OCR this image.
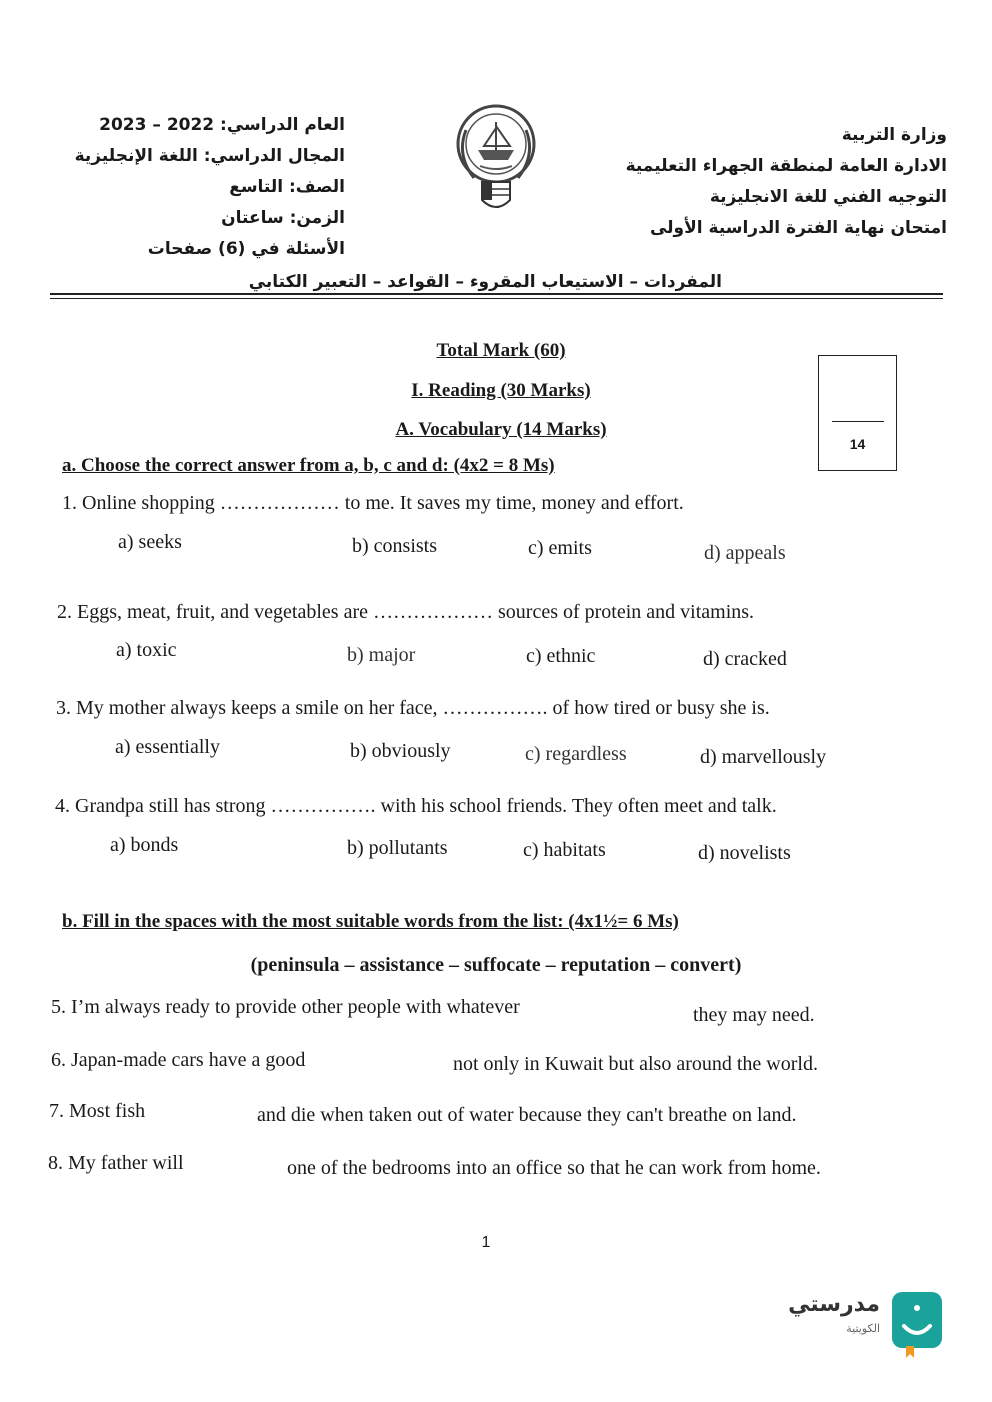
وزارة التربية
الادارة العامة لمنطقة الجهراء التعليمية
التوجيه الفني للغة الانجليزية
امتحان نهاية الفترة الدراسية الأولى
العام الدراسي: 2022 – 2023
المجال الدراسي: اللغة الإنجليزية
الصف: التاسع
الزمن: ساعتان
الأسئلة في (6) صفحات
المفردات – الاستيعاب المقروء – القواعد – التعبير الكتابي
Total Mark (60)
I. Reading (30 Marks)
A. Vocabulary (14 Marks)
14
a. Choose the correct answer from a, b, c and d: (4x2 = 8 Ms)
1. Online shopping ……………… to me. It saves my time, money and effort.
a) seeks	b) consists	c) emits	d) appeals
2. Eggs, meat, fruit, and vegetables are ……………… sources of protein and vitamins.
a) toxic	b) major	c) ethnic	d) cracked
3. My mother always keeps a smile on her face, ……………. of how tired or busy she is.
a) essentially	b) obviously	c) regardless	d) marvellously
4. Grandpa still has strong ……………. with his school friends. They often meet and talk.
a) bonds	b) pollutants	c) habitats	d) novelists
b. Fill in the spaces with the most suitable words from the list: (4x1½= 6 Ms)
(peninsula – assistance – suffocate – reputation – convert)
5. I’m always ready to provide other people with whatever	they may need.
6. Japan-made cars have a good	not only in Kuwait but also around the world.
7. Most fish	and die when taken out of water because they can't breathe on land.
8. My father will	one of the bedrooms into an office so that he can work from home.
1
مدرستي
الكويتية
